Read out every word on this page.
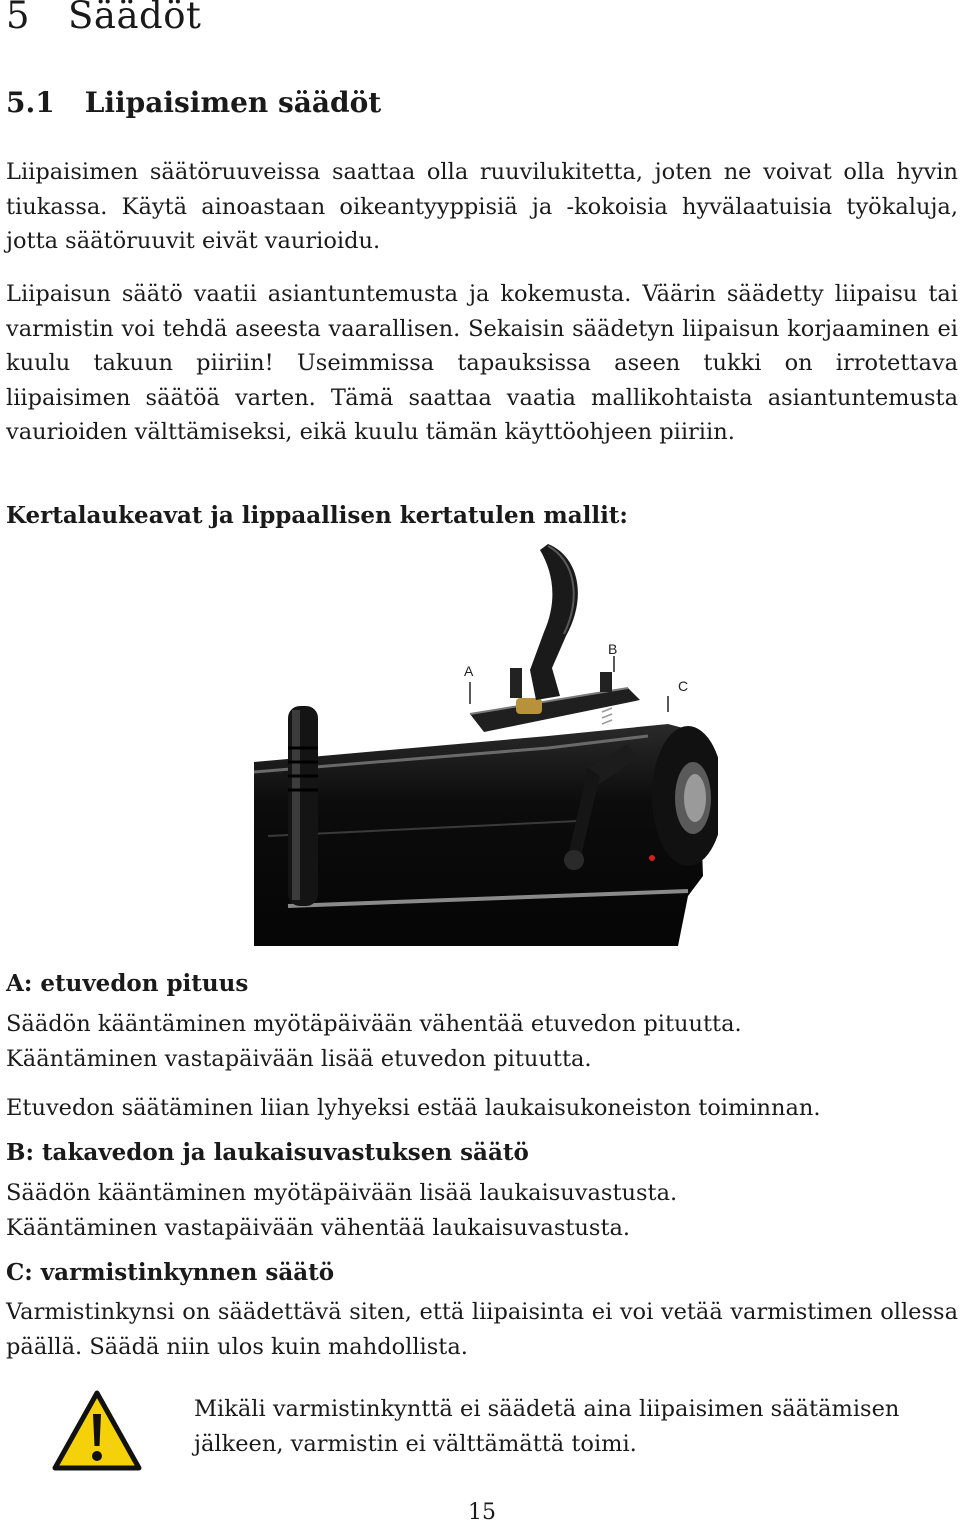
5 Säädöt
5.1 Liipaisimen säädöt

Liipaisimen säätöruuveissa saattaa olla ruuvilukitetta, joten ne voivat olla hyvin tiukassa. Käytä ainoastaan oikeantyyppisiä ja -kokoisia hyvälaatuisia työkaluja, jotta säätöruuvit eivät vaurioidu.

Liipaisun säätö vaatii asiantuntemusta ja kokemusta. Väärin säädetty liipaisu tai varmistin voi tehdä aseesta vaarallisen. Sekaisin säädetyn liipaisun korjaaminen ei kuulu takuun piiriin! Useimmissa tapauksissa aseen tukki on irrotettava liipaisimen säätöä varten. Tämä saattaa vaatia mallikohtaista asiantuntemusta vaurioiden välttämiseksi, eikä kuulu tämän käyttöohjeen piiriin.

Kertalaukeavat ja lippaallisen kertatulen mallit:

A
B
C

A: etuvedon pituus

Säädön kääntäminen myötäpäivään vähentää etuvedon pituutta.
Kääntäminen vastapäivään lisää etuvedon pituutta.

Etuvedon säätäminen liian lyhyeksi estää laukaisukoneiston toiminnan.

B: takavedon ja laukaisuvastuksen säätö

Säädön kääntäminen myötäpäivään lisää laukaisuvastusta.
Kääntäminen vastapäivään vähentää laukaisuvastusta.

C: varmistinkynnen säätö

Varmistinkynsi on säädettävä siten, että liipaisinta ei voi vetää varmistimen ollessa päällä. Säädä niin ulos kuin mahdollista.

Mikäli varmistinkynttä ei säädetä aina liipaisimen säätämisen jälkeen, varmistin ei välttämättä toimi.

15
